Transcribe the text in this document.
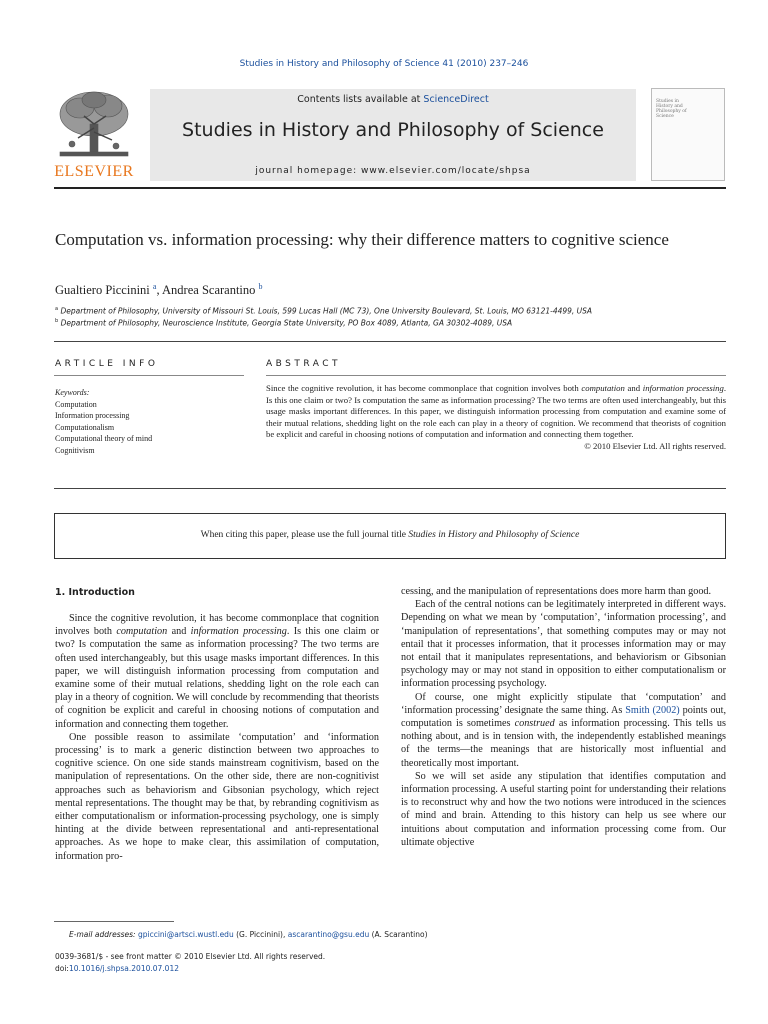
Studies in History and Philosophy of Science 41 (2010) 237–246
ELSEVIER
Contents lists available at ScienceDirect
Studies in History and Philosophy of Science
journal homepage: www.elsevier.com/locate/shpsa
Studies in History and Philosophy of Science
Computation vs. information processing: why their difference matters to cognitive science
Gualtiero Piccinini $^a$, Andrea Scarantino $^b$
$^a$ Department of Philosophy, University of Missouri St. Louis, 599 Lucas Hall (MC 73), One University Boulevard, St. Louis, MO 63121-4499, USA
$^b$ Department of Philosophy, Neuroscience Institute, Georgia State University, PO Box 4089, Atlanta, GA 30302-4089, USA
ARTICLE INFO
Keywords:
Computation
Information processing
Computationalism
Computational theory of mind
Cognitivism
ABSTRACT
Since the cognitive revolution, it has become commonplace that cognition involves both computation and information processing. Is this one claim or two? Is computation the same as information processing? The two terms are often used interchangeably, but this usage masks important differences. In this paper, we distinguish information processing from computation and examine some of their mutual relations, shedding light on the role each can play in a theory of cognition. We recommend that theorists of cognition be explicit and careful in choosing notions of computation and information and connecting them together.
© 2010 Elsevier Ltd. All rights reserved.
When citing this paper, please use the full journal title Studies in History and Philosophy of Science
1. Introduction

Since the cognitive revolution, it has become commonplace that cognition involves both computation and information processing. Is this one claim or two? Is computation the same as information processing? The two terms are often used interchangeably, but this usage masks important differences. In this paper, we will distinguish information processing from computation and examine some of their mutual relations, shedding light on the role each can play in a theory of cognition. We will conclude by recommending that theorists of cognition be explicit and careful in choosing notions of computation and information and connecting them together.

One possible reason to assimilate ‘computation’ and ‘information processing’ is to mark a generic distinction between two approaches to cognitive science. On one side stands mainstream cognitivism, based on the manipulation of representations. On the other side, there are non-cognitivist approaches such as behaviorism and Gibsonian psychology, which reject mental representations. The thought may be that, by rebranding cognitivism as either computationalism or information-processing psychology, one is simply hinting at the divide between representational and anti-representational approaches. As we hope to make clear, this assimilation of computation, information pro-

cessing, and the manipulation of representations does more harm than good.

Each of the central notions can be legitimately interpreted in different ways. Depending on what we mean by ‘computation’, ‘information processing’, and ‘manipulation of representations’, that something computes may or may not entail that it processes information, that it processes information may or may not entail that it manipulates representations, and behaviorism or Gibsonian psychology may or may not stand in opposition to either computationalism or information processing psychology.

Of course, one might explicitly stipulate that ‘computation’ and ‘information processing’ designate the same thing. As Smith (2002) points out, computation is sometimes construed as information processing. This tells us nothing about, and is in tension with, the independently established meanings of the terms—the meanings that are historically most influential and theoretically most important.

So we will set aside any stipulation that identifies computation and information processing. A useful starting point for understanding their relations is to reconstruct why and how the two notions were introduced in the sciences of mind and brain. Attending to this history can help us see where our intuitions about computation and information processing come from. Our ultimate objective

E-mail addresses: gpiccini@artsci.wustl.edu (G. Piccinini), ascarantino@gsu.edu (A. Scarantino)
0039-3681/$ - see front matter © 2010 Elsevier Ltd. All rights reserved.
doi:10.1016/j.shpsa.2010.07.012
